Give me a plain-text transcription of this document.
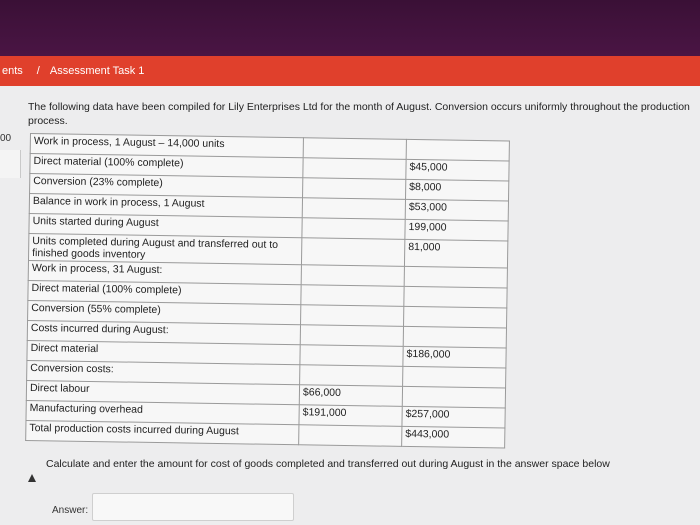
ents / Assessment Task 1
00
The following data have been compiled for Lily Enterprises Ltd for the month of August. Conversion occurs uniformly throughout the production process.
Work in process, 1 August – 14,000 units		
Direct material (100% complete)		$45,000
Conversion (23% complete)		$8,000
Balance in work in process, 1 August		$53,000
Units started during August		199,000
Units completed during August and transferred out to finished goods inventory		81,000
Work in process, 31 August:		
Direct material (100% complete)		
Conversion (55% complete)		
Costs incurred during August:		
Direct material		$186,000
Conversion costs:		
Direct labour	$66,000	
Manufacturing overhead	$191,000	$257,000
Total production costs incurred during August		$443,000
Calculate and enter the amount for cost of goods completed and transferred out during August in the answer space below
Answer:
